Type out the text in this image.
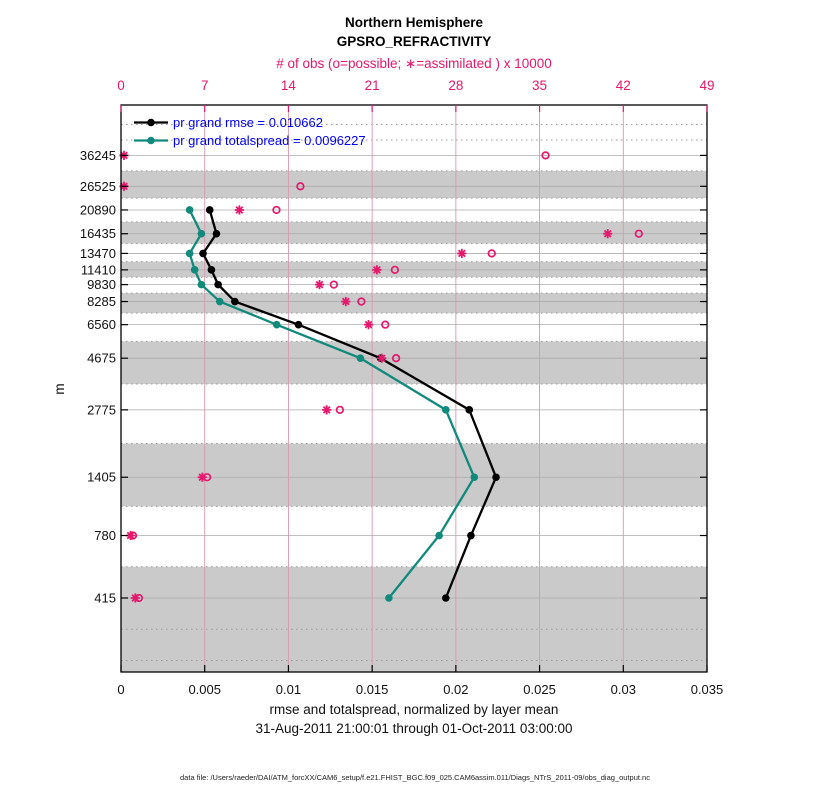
36245
26525
20890
16435
13470
11410
9830
8285
6560
4675
2775
1405
780
415
0	0.005	0.01	0.015	0.02	0.025	0.03	0.035
0	7	14	21	28	35	42	49
Northern Hemisphere
GPSRO_REFRACTIVITY
# of obs (o=possible; ∗=assimilated ) x 10000
rmse and totalspread, normalized by layer mean
31-Aug-2011 21:00:01 through 01-Oct-2011 03:00:00
m
pr grand rmse = 0.010662
pr grand totalspread = 0.0096227
data file: /Users/raeder/DAI/ATM_forcXX/CAM6_setup/f.e21.FHIST_BGC.f09_025.CAM6assim.011/Diags_NTrS_2011-09/obs_diag_output.nc
